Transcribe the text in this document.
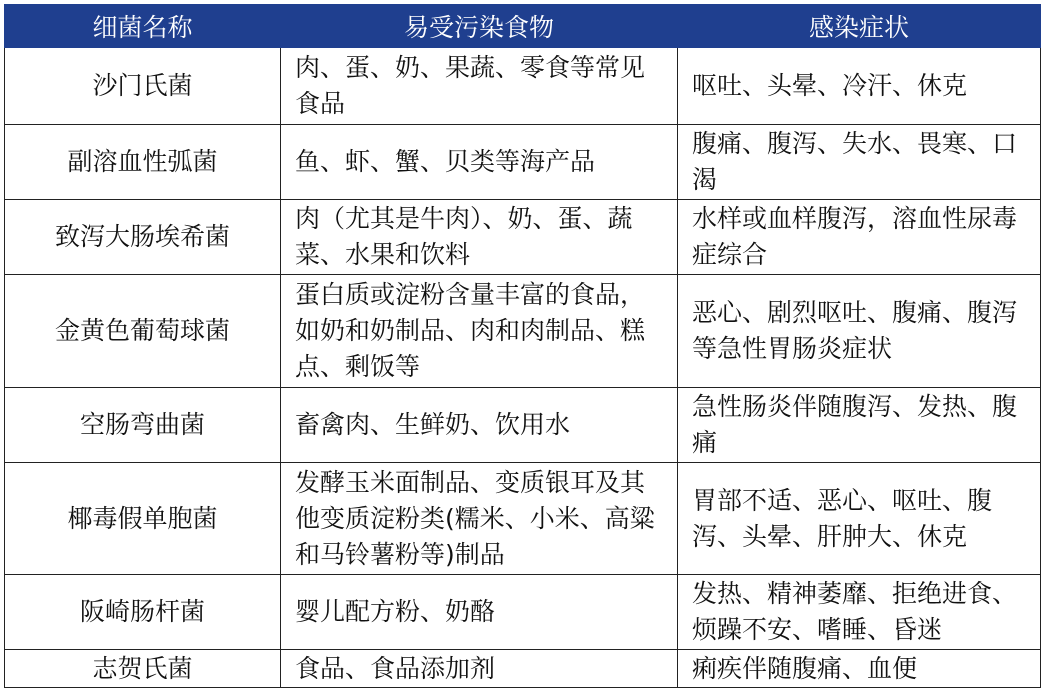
细菌名称	易受污染食物	感染症状
沙门氏菌	肉、蛋、奶、果蔬、零食等常见食品	呕吐、头晕、冷汗、休克
副溶血性弧菌	鱼、虾、蟹、贝类等海产品	腹痛、腹泻、失水、畏寒、口渴
致泻大肠埃希菌	肉（尤其是牛肉）、奶、蛋、蔬菜、水果和饮料	水样或血样腹泻，溶血性尿毒症综合
金黄色葡萄球菌	蛋白质或淀粉含量丰富的食品，如奶和奶制品、肉和肉制品、糕点、剩饭等	恶心、剧烈呕吐、腹痛、腹泻等急性胃肠炎症状
空肠弯曲菌	畜禽肉、生鲜奶、饮用水	急性肠炎伴随腹泻、发热、腹痛
椰毒假单胞菌	发酵玉米面制品、变质银耳及其他变质淀粉类(糯米、小米、高粱和马铃薯粉等)制品	胃部不适、恶心、呕吐、腹泻、头晕、肝肿大、休克
阪崎肠杆菌	婴儿配方粉、奶酪	发热、精神萎靡、拒绝进食、烦躁不安、嗜睡、昏迷
志贺氏菌	食品、食品添加剂	痢疾伴随腹痛、血便
